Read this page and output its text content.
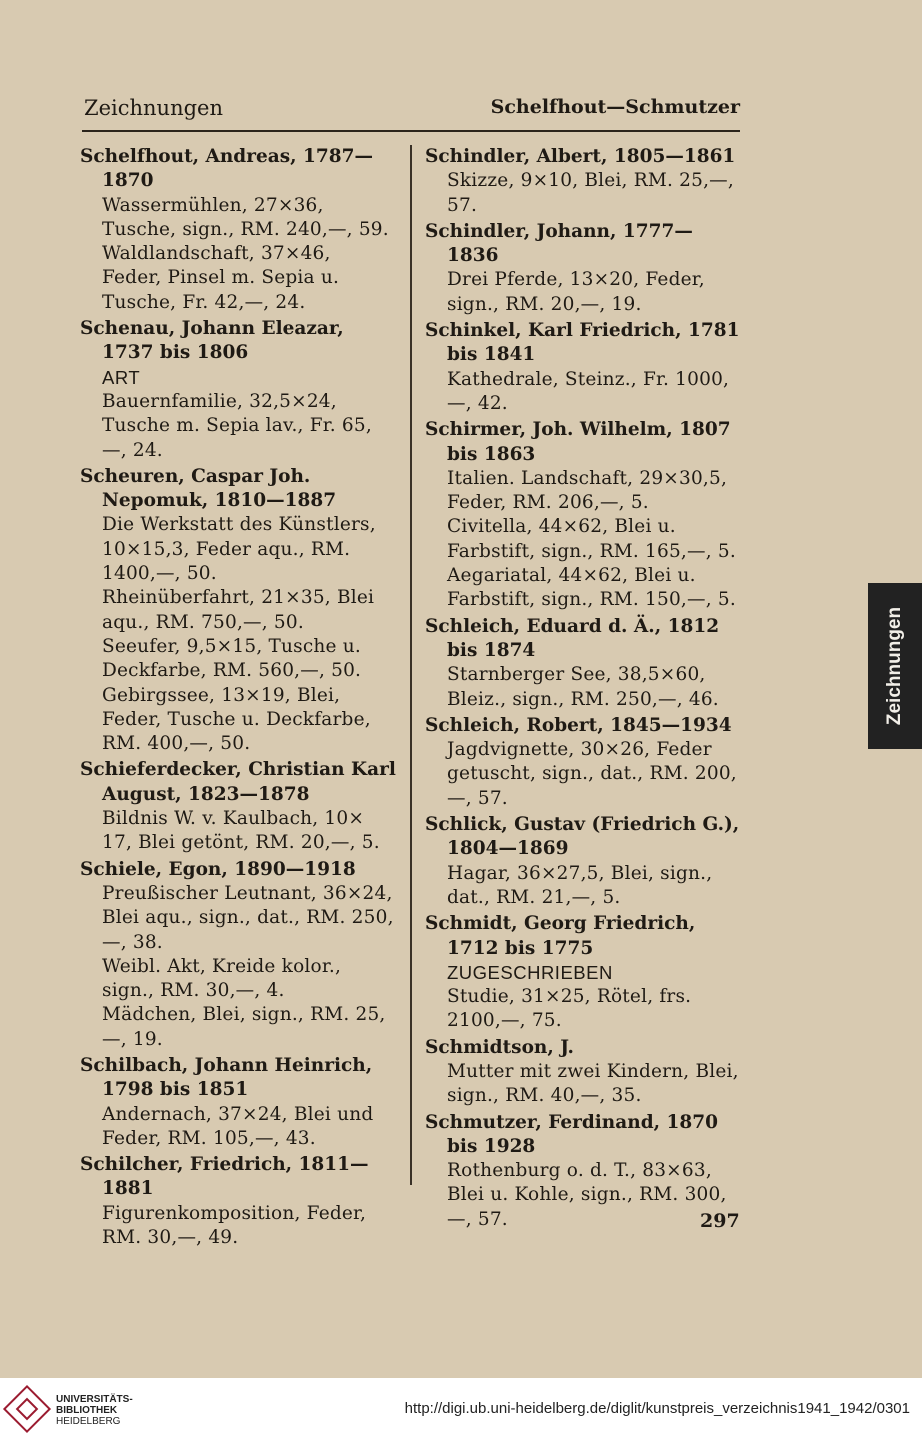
Zeichnungen	Schelfhout—Schmutzer
Schelfhout, Andreas, 1787—1870
Wassermühlen, 27×36, Tusche, sign., RM. 240,—, 59.
Waldlandschaft, 37×46, Feder, Pinsel m. Sepia u. Tusche, Fr. 42,—, 24.
Schenau, Johann Eleazar, 1737 bis 1806
ART
Bauernfamilie, 32,5×24, Tusche m. Sepia lav., Fr. 65,—, 24.
Scheuren, Caspar Joh. Nepomuk, 1810—1887
Die Werkstatt des Künstlers, 10×15,3, Feder aqu., RM. 1400,—, 50.
Rheinüberfahrt, 21×35, Blei aqu., RM. 750,—, 50.
Seeufer, 9,5×15, Tusche u. Deckfarbe, RM. 560,—, 50.
Gebirgssee, 13×19, Blei, Feder, Tusche u. Deckfarbe, RM. 400,—, 50.
Schieferdecker, Christian Karl August, 1823—1878
Bildnis W. v. Kaulbach, 10× 17, Blei getönt, RM. 20,—, 5.
Schiele, Egon, 1890—1918
Preußischer Leutnant, 36×24, Blei aqu., sign., dat., RM. 250,—, 38.
Weibl. Akt, Kreide kolor., sign., RM. 30,—, 4.
Mädchen, Blei, sign., RM. 25,—, 19.
Schilbach, Johann Heinrich, 1798 bis 1851
Andernach, 37×24, Blei und Feder, RM. 105,—, 43.
Schilcher, Friedrich, 1811—1881
Figurenkomposition, Feder, RM. 30,—, 49.
Schindler, Albert, 1805—1861
Skizze, 9×10, Blei, RM. 25,—, 57.
Schindler, Johann, 1777—1836
Drei Pferde, 13×20, Feder, sign., RM. 20,—, 19.
Schinkel, Karl Friedrich, 1781 bis 1841
Kathedrale, Steinz., Fr. 1000,—, 42.
Schirmer, Joh. Wilhelm, 1807 bis 1863
Italien. Landschaft, 29×30,5, Feder, RM. 206,—, 5.
Civitella, 44×62, Blei u. Farbstift, sign., RM. 165,—, 5.
Aegariatal, 44×62, Blei u. Farbstift, sign., RM. 150,—, 5.
Schleich, Eduard d. Ä., 1812 bis 1874
Starnberger See, 38,5×60, Bleiz., sign., RM. 250,—, 46.
Schleich, Robert, 1845—1934
Jagdvignette, 30×26, Feder getuscht, sign., dat., RM. 200,—, 57.
Schlick, Gustav (Friedrich G.), 1804—1869
Hagar, 36×27,5, Blei, sign., dat., RM. 21,—, 5.
Schmidt, Georg Friedrich, 1712 bis 1775
ZUGESCHRIEBEN
Studie, 31×25, Rötel, frs. 2100,—, 75.
Schmidtson, J.
Mutter mit zwei Kindern, Blei, sign., RM. 40,—, 35.
Schmutzer, Ferdinand, 1870 bis 1928
Rothenburg o. d. T., 83×63, Blei u. Kohle, sign., RM. 300,—, 57.	297
Zeichnungen
UNIVERSITÄTS-
BIBLIOTHEK
HEIDELBERG
http://digi.ub.uni-heidelberg.de/diglit/kunstpreis_verzeichnis1941_1942/0301
